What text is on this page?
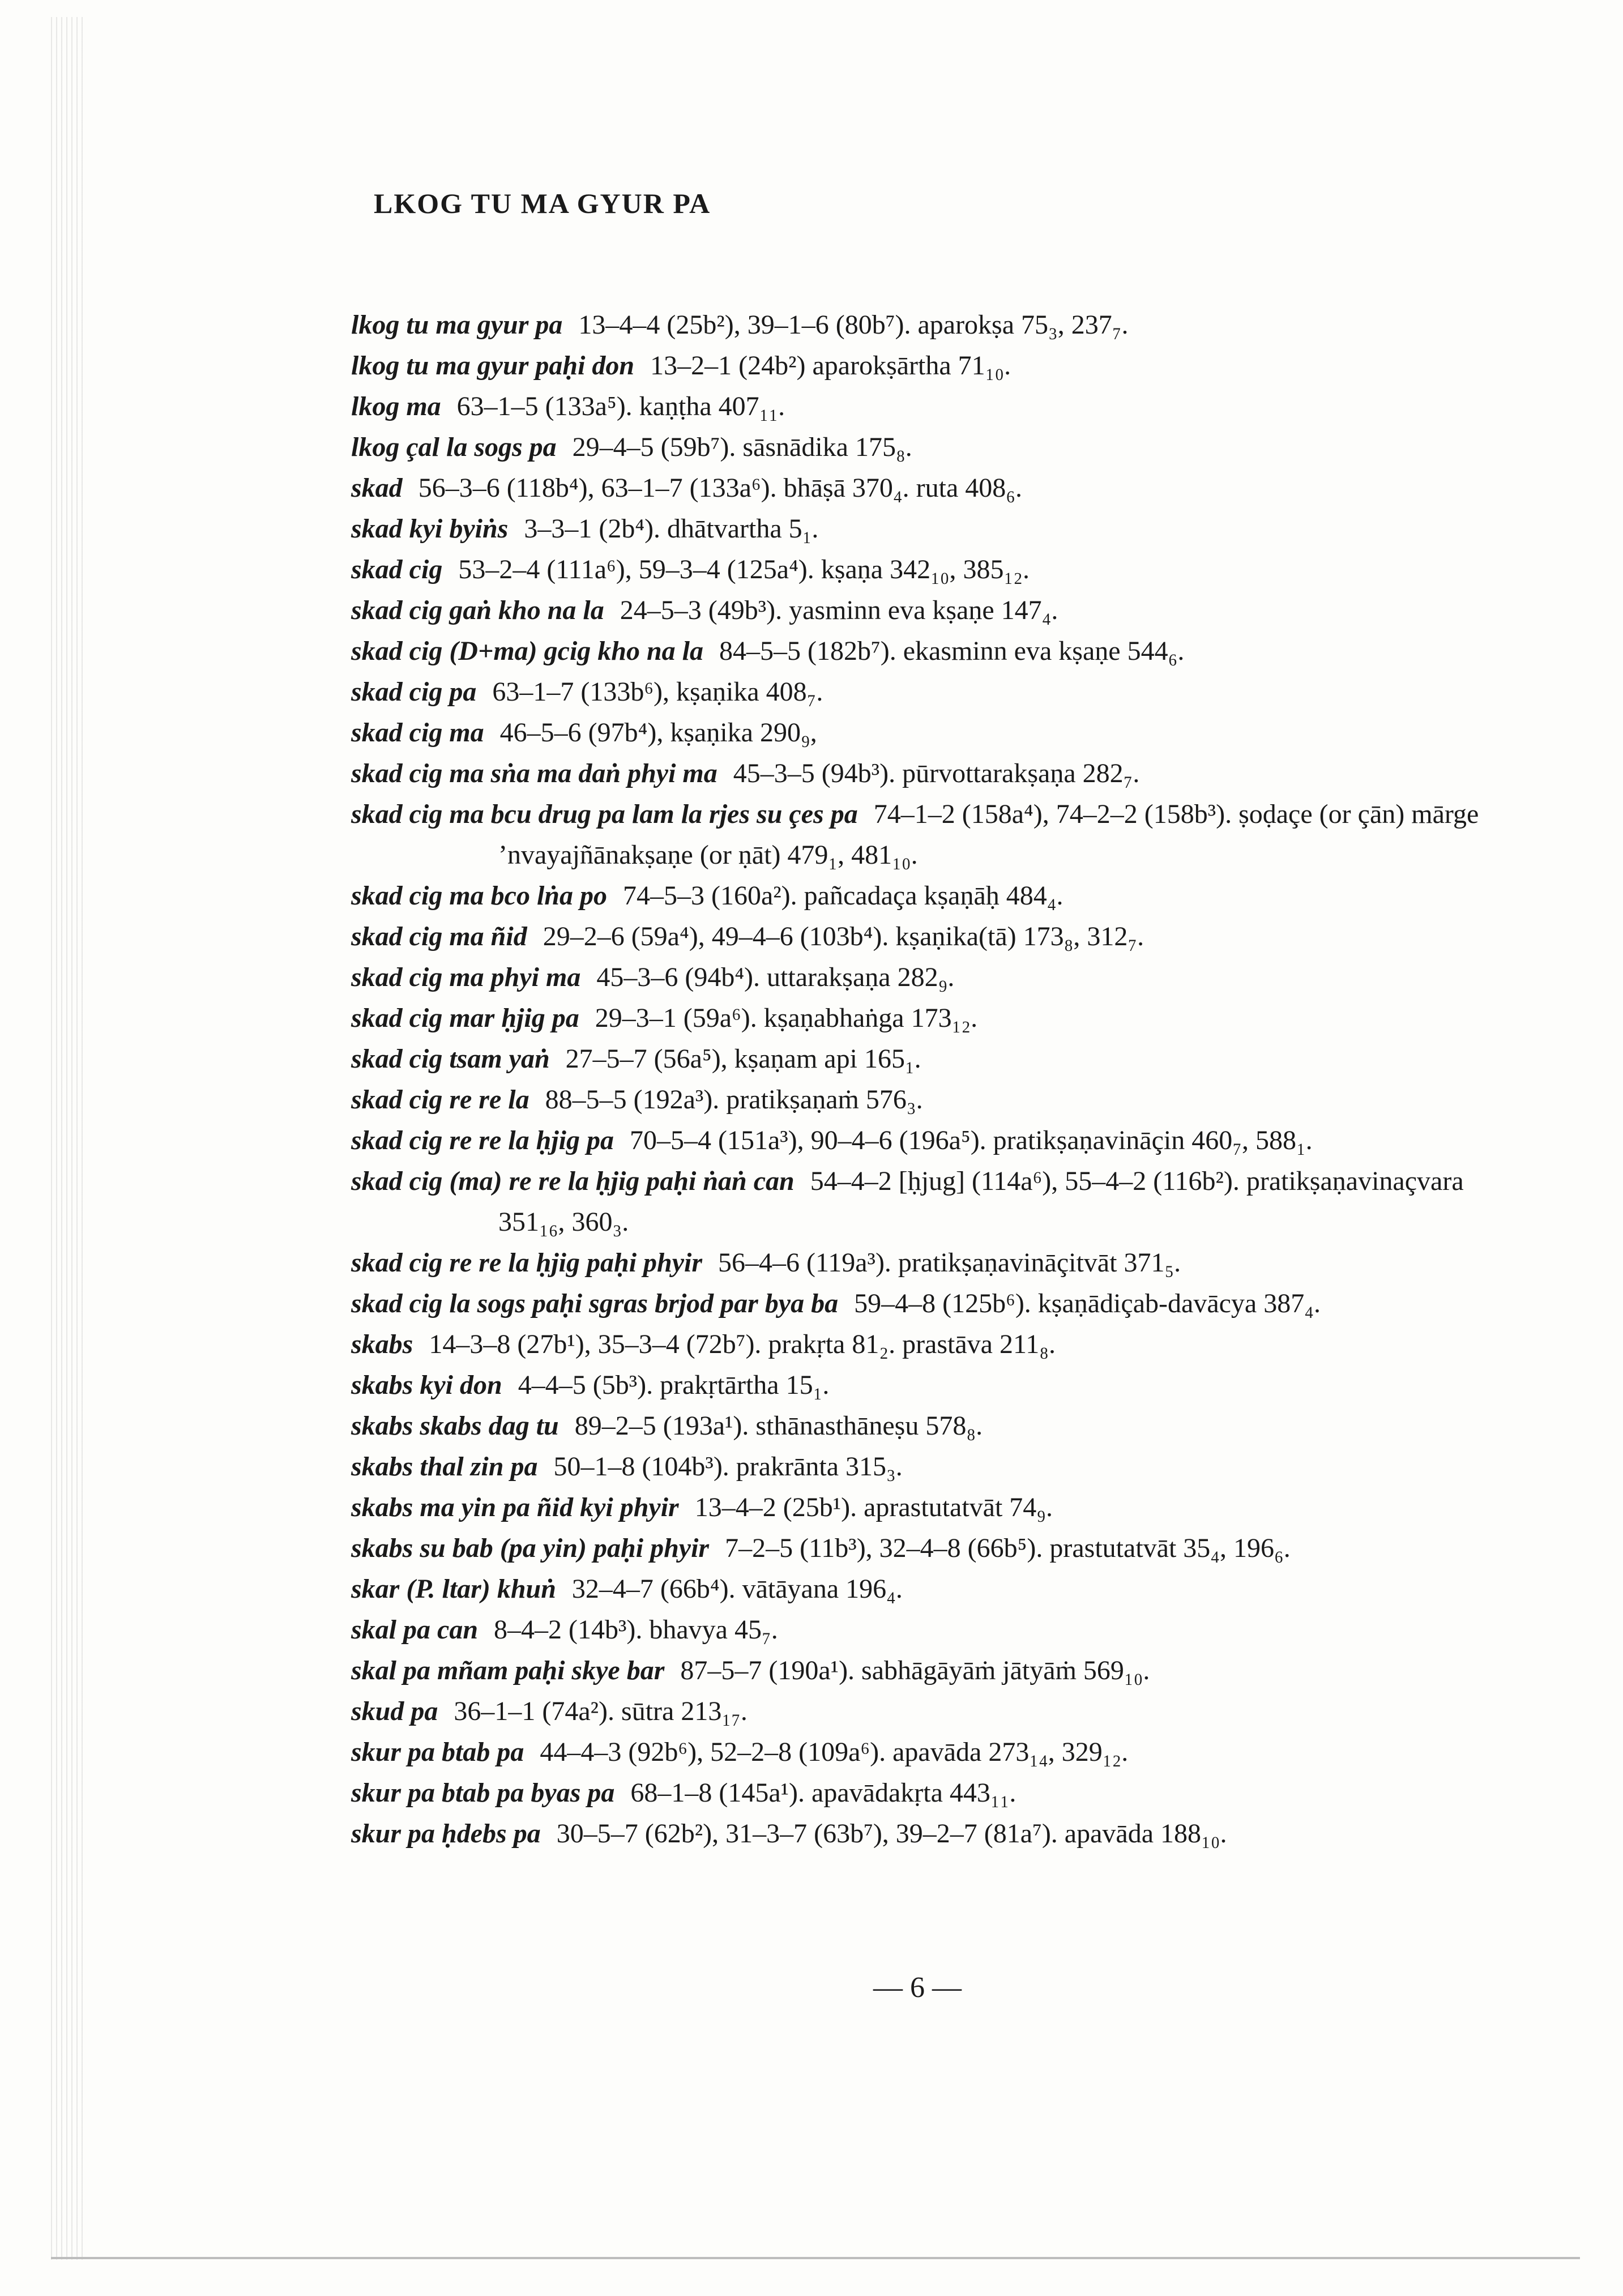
LKOG TU MA GYUR PA

lkog tu ma gyur pa 13–4–4 (25b²), 39–1–6 (80b⁷). aparokṣa 75₃, 237₇.

lkog tu ma gyur paḥi don 13–2–1 (24b²) aparokṣārtha 71₁₀.

lkog ma 63–1–5 (133a⁵). kaṇṭha 407₁₁.

lkog çal la sogs pa 29–4–5 (59b⁷). sāsnādika 175₈.

skad 56–3–6 (118b⁴), 63–1–7 (133a⁶). bhāṣā 370₄. ruta 408₆.

skad kyi byiṅs 3–3–1 (2b⁴). dhātvartha 5₁.

skad cig 53–2–4 (111a⁶), 59–3–4 (125a⁴). kṣaṇa 342₁₀, 385₁₂.

skad cig gaṅ kho na la 24–5–3 (49b³). yasminn eva kṣaṇe 147₄.

skad cig (D+ma) gcig kho na la 84–5–5 (182b⁷). ekasminn eva kṣaṇe 544₆.

skad cig pa 63–1–7 (133b⁶), kṣaṇika 408₇.

skad cig ma 46–5–6 (97b⁴), kṣaṇika 290₉,

skad cig ma sṅa ma daṅ phyi ma 45–3–5 (94b³). pūrvottarakṣaṇa 282₇.

skad cig ma bcu drug pa lam la rjes su çes pa 74–1–2 (158a⁴), 74–2–2 (158b³). ṣoḍaçe (or çān) mārge ’nvayajñānakṣaṇe (or ṇāt) 479₁, 481₁₀.

skad cig ma bco lṅa po 74–5–3 (160a²). pañcadaça kṣaṇāḥ 484₄.

skad cig ma ñid 29–2–6 (59a⁴), 49–4–6 (103b⁴). kṣaṇika(tā) 173₈, 312₇.

skad cig ma phyi ma 45–3–6 (94b⁴). uttarakṣaṇa 282₉.

skad cig mar ḥjig pa 29–3–1 (59a⁶). kṣaṇabhaṅga 173₁₂.

skad cig tsam yaṅ 27–5–7 (56a⁵), kṣaṇam api 165₁.

skad cig re re la 88–5–5 (192a³). pratikṣaṇaṁ 576₃.

skad cig re re la ḥjig pa 70–5–4 (151a³), 90–4–6 (196a⁵). pratikṣaṇavināçin 460₇, 588₁.

skad cig (ma) re re la ḥjig paḥi ṅaṅ can 54–4–2 [ḥjug] (114a⁶), 55–4–2 (116b²). pratikṣaṇavinaçvara 351₁₆, 360₃.

skad cig re re la ḥjig paḥi phyir 56–4–6 (119a³). pratikṣaṇavināçitvāt 371₅.

skad cig la sogs paḥi sgras brjod par bya ba 59–4–8 (125b⁶). kṣaṇādiçab-davācya 387₄.

skabs 14–3–8 (27b¹), 35–3–4 (72b⁷). prakṛta 81₂. prastāva 211₈.

skabs kyi don 4–4–5 (5b³). prakṛtārtha 15₁.

skabs skabs dag tu 89–2–5 (193a¹). sthānasthāneṣu 578₈.

skabs thal zin pa 50–1–8 (104b³). prakrānta 315₃.

skabs ma yin pa ñid kyi phyir 13–4–2 (25b¹). aprastutatvāt 74₉.

skabs su bab (pa yin) paḥi phyir 7–2–5 (11b³), 32–4–8 (66b⁵). prastutatvāt 35₄, 196₆.

skar (P. ltar) khuṅ 32–4–7 (66b⁴). vātāyana 196₄.

skal pa can 8–4–2 (14b³). bhavya 45₇.

skal pa mñam paḥi skye bar 87–5–7 (190a¹). sabhāgāyāṁ jātyāṁ 569₁₀.

skud pa 36–1–1 (74a²). sūtra 213₁₇.

skur pa btab pa 44–4–3 (92b⁶), 52–2–8 (109a⁶). apavāda 273₁₄, 329₁₂.

skur pa btab pa byas pa 68–1–8 (145a¹). apavādakṛta 443₁₁.

skur pa ḥdebs pa 30–5–7 (62b²), 31–3–7 (63b⁷), 39–2–7 (81a⁷). apavāda 188₁₀.

— 6 —
